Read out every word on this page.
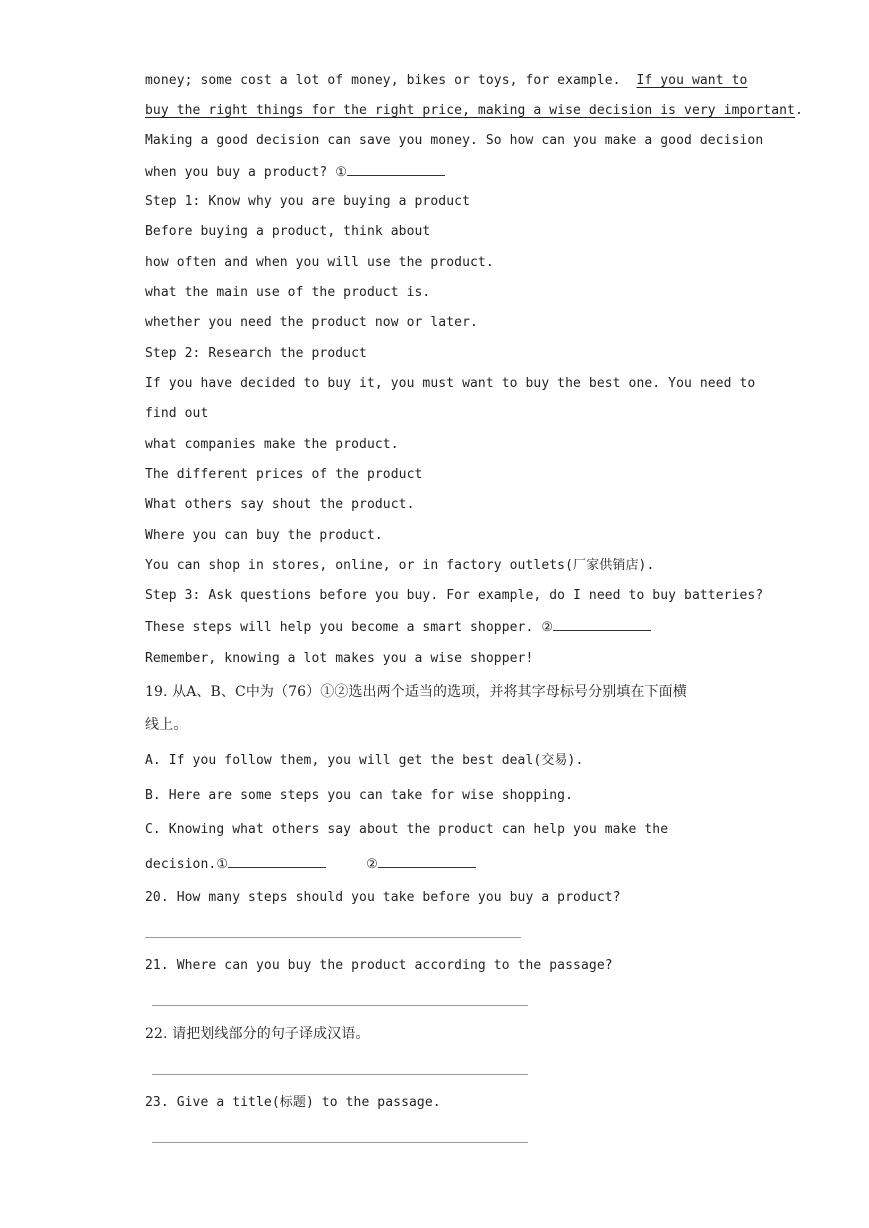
money; some cost a lot of money, bikes or toys, for example. If you want to
buy the right things for the right price, making a wise decision is very important.
Making a good decision can save you money. So how can you make a good decision
when you buy a product? ①
Step 1: Know why you are buying a product
Before buying a product, think about
how often and when you will use the product.
what the main use of the product is.
whether you need the product now or later.
Step 2: Research the product
If you have decided to buy it, you must want to buy the best one. You need to
find out
what companies make the product.
The different prices of the product
What others say shout the product.
Where you can buy the product.
You can shop in stores, online, or in factory outlets(厂家供销店).
Step 3: Ask questions before you buy. For example, do I need to buy batteries?
These steps will help you become a smart shopper. ②
Remember, knowing a lot makes you a wise shopper!
19. 从A、B、C中为（76）①②选出两个适当的选项，并将其字母标号分别填在下面横
线上。
A. If you follow them, you will get the best deal(交易).
B. Here are some steps you can take for wise shopping.
C. Knowing what others say about the product can help you make the
decision.①	②
20. How many steps should you take before you buy a product?
21. Where can you buy the product according to the passage?
22. 请把划线部分的句子译成汉语。
23. Give a title(标题) to the passage.
